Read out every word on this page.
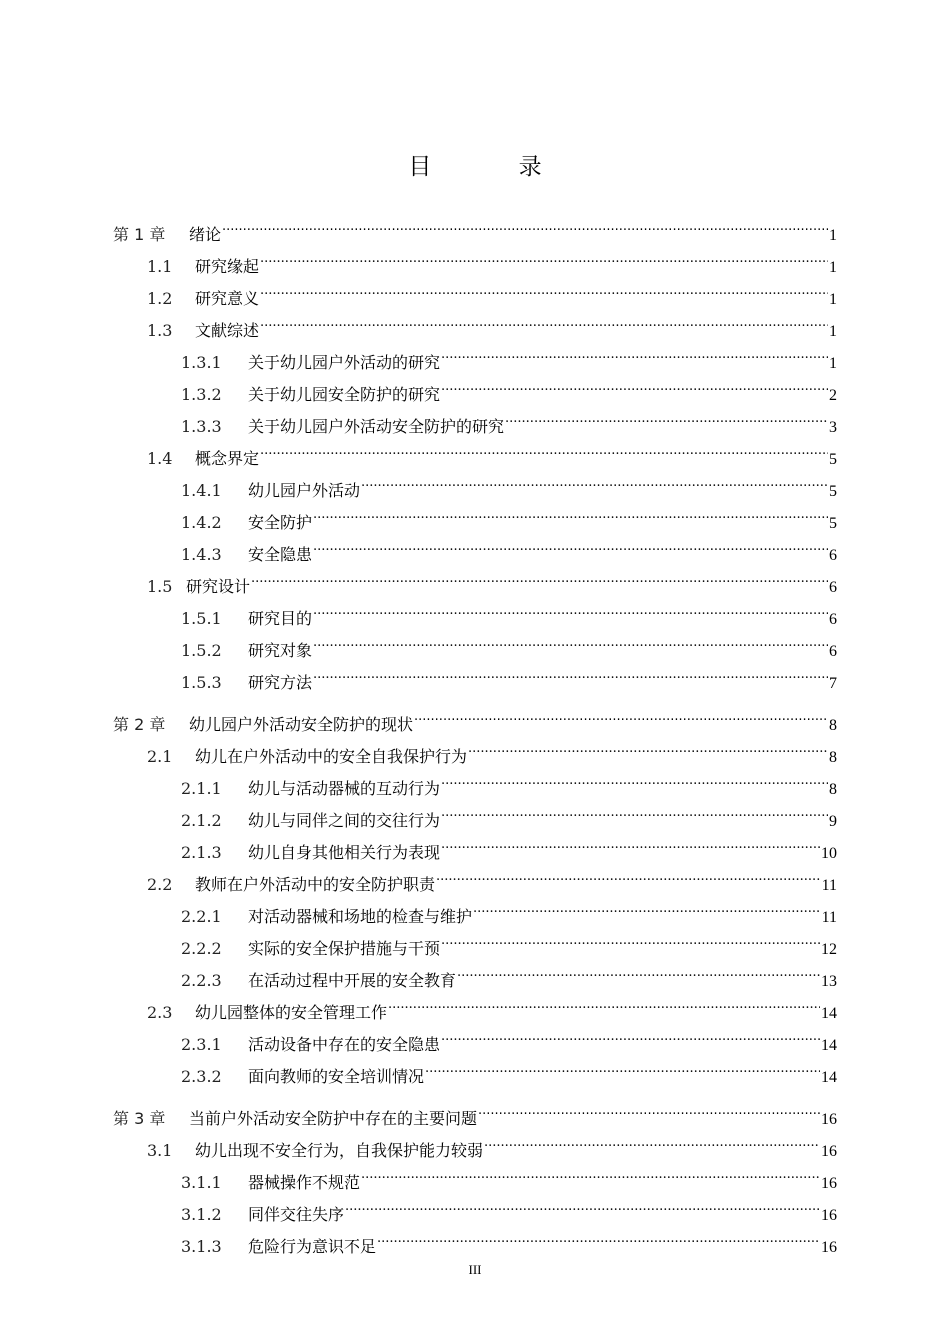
目 录
第 1 章	绪论 .....	1
1.1	研究缘起 .....	1
1.2	研究意义 .....	1
1.3	文献综述 .....	1
1.3.1	关于幼儿园户外活动的研究 .....	1
1.3.2	关于幼儿园安全防护的研究 .....	2
1.3.3	关于幼儿园户外活动安全防护的研究 .....	3
1.4	概念界定 .....	5
1.4.1	幼儿园户外活动 .....	5
1.4.2	安全防护 .....	5
1.4.3	安全隐患 .....	6
1.5 研究设计 .....	6
1.5.1	研究目的 .....	6
1.5.2	研究对象 .....	6
1.5.3	研究方法 .....	7
第 2 章	幼儿园户外活动安全防护的现状 .....	8
2.1	幼儿在户外活动中的安全自我保护行为 .....	8
2.1.1	幼儿与活动器械的互动行为 .....	8
2.1.2	幼儿与同伴之间的交往行为 .....	9
2.1.3	幼儿自身其他相关行为表现 .....	10
2.2	教师在户外活动中的安全防护职责 .....	11
2.2.1	对活动器械和场地的检查与维护 .....	11
2.2.2	实际的安全保护措施与干预 .....	12
2.2.3	在活动过程中开展的安全教育 .....	13
2.3	幼儿园整体的安全管理工作 .....	14
2.3.1	活动设备中存在的安全隐患 .....	14
2.3.2	面向教师的安全培训情况 .....	14
第 3 章	当前户外活动安全防护中存在的主要问题 .....	16
3.1	幼儿出现不安全行为，自我保护能力较弱 .....	16
3.1.1	器械操作不规范 .....	16
3.1.2	同伴交往失序 .....	16
3.1.3	危险行为意识不足 .....	16
III
